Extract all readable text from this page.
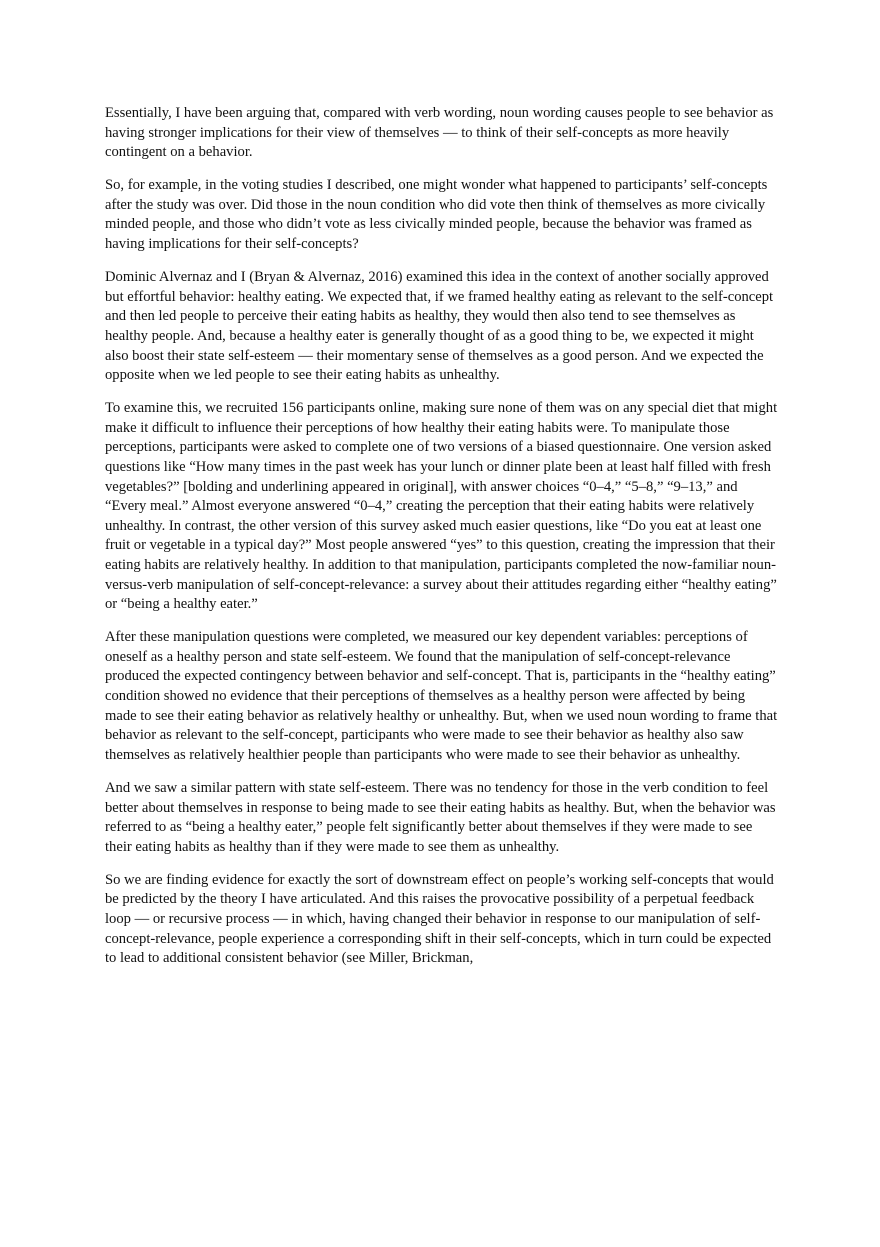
Essentially, I have been arguing that, compared with verb wording, noun wording causes people to see behavior as having stronger implications for their view of themselves — to think of their self-concepts as more heavily contingent on a behavior.

So, for example, in the voting studies I described, one might wonder what happened to participants’ self-concepts after the study was over. Did those in the noun condition who did vote then think of themselves as more civically minded people, and those who didn’t vote as less civically minded people, because the behavior was framed as having implications for their self-concepts?

Dominic Alvernaz and I (Bryan & Alvernaz, 2016) examined this idea in the context of another socially approved but effortful behavior: healthy eating. We expected that, if we framed healthy eating as relevant to the self-concept and then led people to perceive their eating habits as healthy, they would then also tend to see themselves as healthy people. And, because a healthy eater is generally thought of as a good thing to be, we expected it might also boost their state self-esteem — their momentary sense of themselves as a good person. And we expected the opposite when we led people to see their eating habits as unhealthy.

To examine this, we recruited 156 participants online, making sure none of them was on any special diet that might make it difficult to influence their perceptions of how healthy their eating habits were. To manipulate those perceptions, participants were asked to complete one of two versions of a biased questionnaire. One version asked questions like “How many times in the past week has your lunch or dinner plate been at least half filled with fresh vegetables?” [bolding and underlining appeared in original], with answer choices “0–4,” “5–8,” “9–13,” and “Every meal.” Almost everyone answered “0–4,” creating the perception that their eating habits were relatively unhealthy. In contrast, the other version of this survey asked much easier questions, like “Do you eat at least one fruit or vegetable in a typical day?” Most people answered “yes” to this question, creating the impression that their eating habits are relatively healthy. In addition to that manipulation, participants completed the now-familiar noun-versus-verb manipulation of self-concept-relevance: a survey about their attitudes regarding either “healthy eating” or “being a healthy eater.”

After these manipulation questions were completed, we measured our key dependent variables: perceptions of oneself as a healthy person and state self-esteem. We found that the manipulation of self-concept-relevance produced the expected contingency between behavior and self-concept. That is, participants in the “healthy eating” condition showed no evidence that their perceptions of themselves as a healthy person were affected by being made to see their eating behavior as relatively healthy or unhealthy. But, when we used noun wording to frame that behavior as relevant to the self-concept, participants who were made to see their behavior as healthy also saw themselves as relatively healthier people than participants who were made to see their behavior as unhealthy.

And we saw a similar pattern with state self-esteem. There was no tendency for those in the verb condition to feel better about themselves in response to being made to see their eating habits as healthy. But, when the behavior was referred to as “being a healthy eater,” people felt significantly better about themselves if they were made to see their eating habits as healthy than if they were made to see them as unhealthy.

So we are finding evidence for exactly the sort of downstream effect on people’s working self-concepts that would be predicted by the theory I have articulated. And this raises the provocative possibility of a perpetual feedback loop — or recursive process — in which, having changed their behavior in response to our manipulation of self-concept-relevance, people experience a corresponding shift in their self-concepts, which in turn could be expected to lead to additional consistent behavior (see Miller, Brickman,
